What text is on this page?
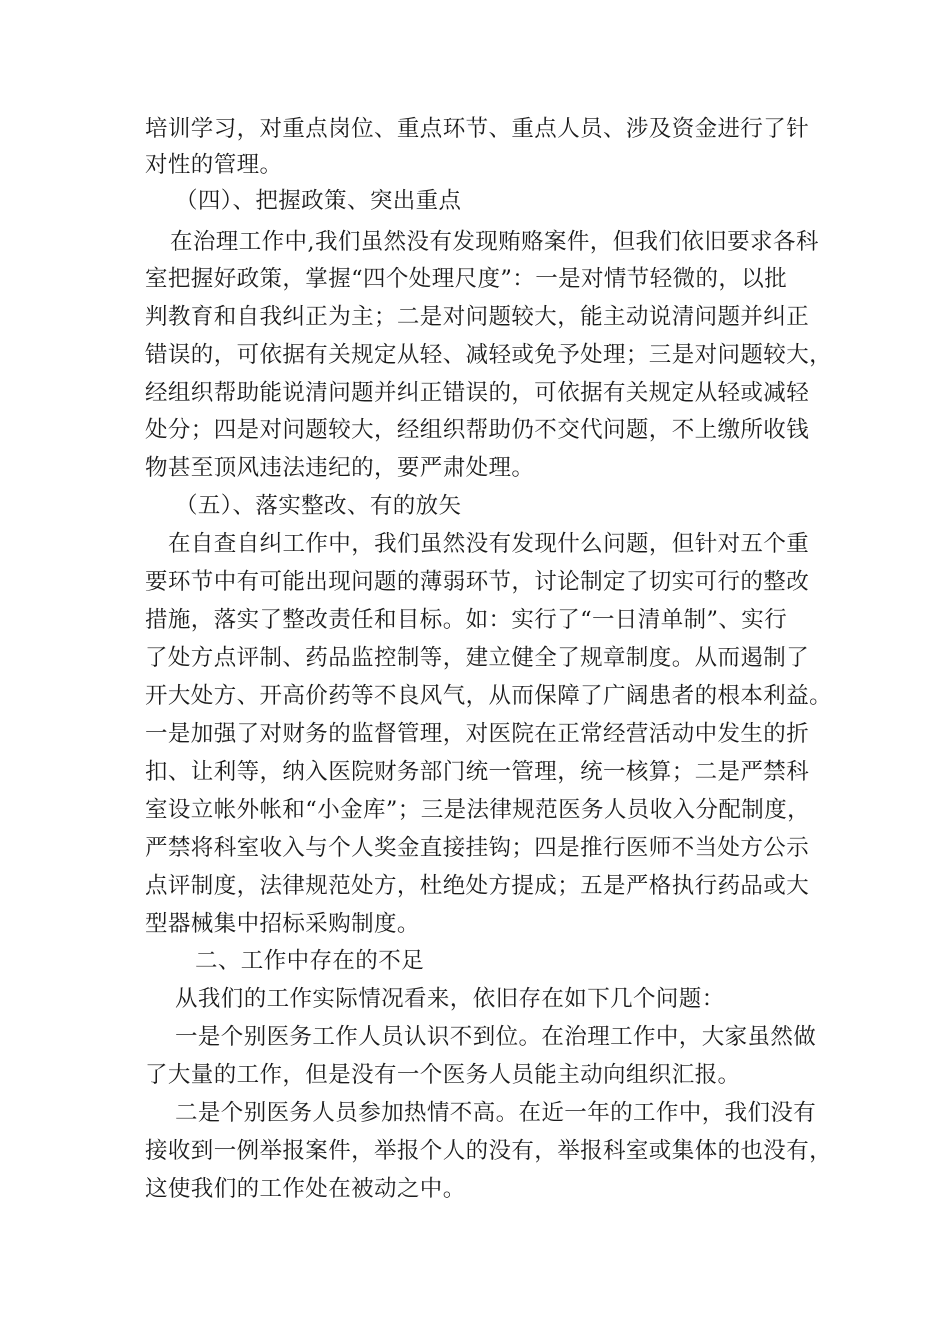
培训学习，对重点岗位、重点环节、重点人员、涉及资金进行了针
对性的管理。
（四）、把握政策、突出重点
在治理工作中,我们虽然没有发现贿赂案件，但我们依旧要求各科
室把握好政策，掌握“四个处理尺度”：一是对情节轻微的，以批
判教育和自我纠正为主；二是对问题较大，能主动说清问题并纠正
错误的，可依据有关规定从轻、减轻或免予处理；三是对问题较大，
经组织帮助能说清问题并纠正错误的，可依据有关规定从轻或减轻
处分；四是对问题较大，经组织帮助仍不交代问题，不上缴所收钱
物甚至顶风违法违纪的，要严肃处理。
（五）、落实整改、有的放矢
在自查自纠工作中，我们虽然没有发现什么问题，但针对五个重
要环节中有可能出现问题的薄弱环节，讨论制定了切实可行的整改
措施，落实了整改责任和目标。如：实行了“一日清单制”、实行
了处方点评制、药品监控制等，建立健全了规章制度。从而遏制了
开大处方、开高价药等不良风气，从而保障了广阔患者的根本利益。
一是加强了对财务的监督管理，对医院在正常经营活动中发生的折
扣、让利等，纳入医院财务部门统一管理，统一核算；二是严禁科
室设立帐外帐和“小金库”；三是法律规范医务人员收入分配制度，
严禁将科室收入与个人奖金直接挂钩；四是推行医师不当处方公示
点评制度，法律规范处方，杜绝处方提成；五是严格执行药品或大
型器械集中招标采购制度。
二、工作中存在的不足
从我们的工作实际情况看来，依旧存在如下几个问题：
一是个别医务工作人员认识不到位。在治理工作中，大家虽然做
了大量的工作，但是没有一个医务人员能主动向组织汇报。
二是个别医务人员参加热情不高。在近一年的工作中，我们没有
接收到一例举报案件，举报个人的没有，举报科室或集体的也没有，
这使我们的工作处在被动之中。
